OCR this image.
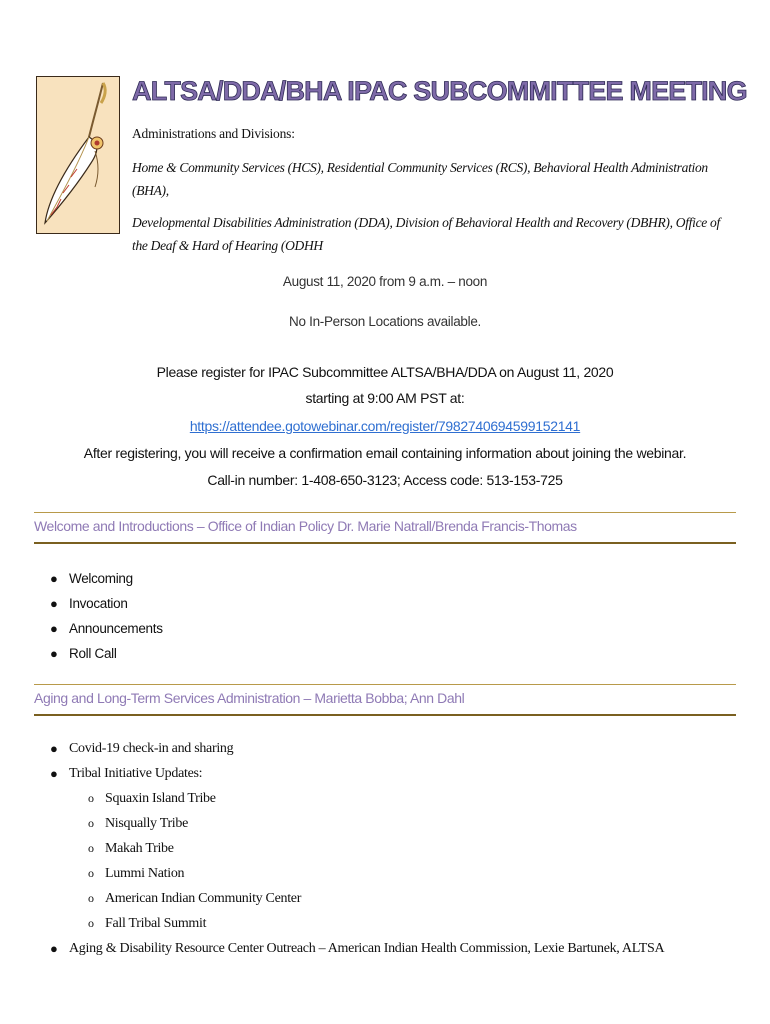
ALTSA/DDA/BHA IPAC SUBCOMMITTEE MEETING
Administrations and Divisions:

Home & Community Services (HCS), Residential Community Services (RCS), Behavioral Health Administration (BHA),

Developmental Disabilities Administration (DDA), Division of Behavioral Health and Recovery (DBHR), Office of the Deaf & Hard of Hearing (ODHH

August 11, 2020 from 9 a.m. – noon
No In-Person Locations available.
Please register for IPAC Subcommittee ALTSA/BHA/DDA on August 11, 2020
starting at 9:00 AM PST at:
https://attendee.gotowebinar.com/register/7982740694599152141
After registering, you will receive a confirmation email containing information about joining the webinar.
Call-in number: 1-408-650-3123; Access code: 513-153-725
Welcome and Introductions – Office of Indian Policy Dr. Marie Natrall/Brenda Francis-Thomas
● Welcoming
● Invocation
● Announcements
● Roll Call
Aging and Long-Term Services Administration – Marietta Bobba; Ann Dahl
● Covid-19 check-in and sharing
● Tribal Initiative Updates:
o Squaxin Island Tribe
o Nisqually Tribe
o Makah Tribe
o Lummi Nation
o American Indian Community Center
o Fall Tribal Summit
● Aging & Disability Resource Center Outreach – American Indian Health Commission, Lexie Bartunek, ALTSA
